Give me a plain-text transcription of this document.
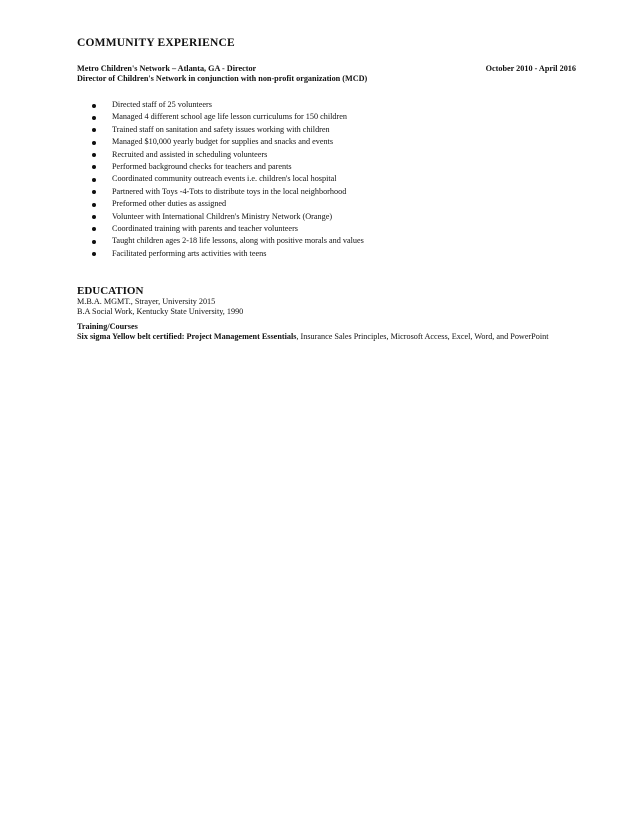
COMMUNITY EXPERIENCE
Metro Children's Network – Atlanta, GA - Director	October 2010 - April 2016
Director of Children's Network in conjunction with non-profit organization (MCD)
Directed staff of 25 volunteers
Managed 4 different school age life lesson curriculums for 150 children
Trained staff on sanitation and safety issues working with children
Managed $10,000 yearly budget for supplies and snacks and events
Recruited and assisted in scheduling volunteers
Performed background checks for teachers and parents
Coordinated community outreach events i.e. children's local hospital
Partnered with Toys -4-Tots to distribute toys in the local neighborhood
Preformed other duties as assigned
Volunteer with International Children's Ministry Network (Orange)
Coordinated training with parents and teacher volunteers
Taught children ages 2-18 life lessons, along with positive morals and values
Facilitated performing arts activities with teens
EDUCATION
M.B.A. MGMT., Strayer, University 2015
B.A Social Work, Kentucky State University, 1990
Training/Courses
Six sigma Yellow belt certified: Project Management Essentials, Insurance Sales Principles, Microsoft Access, Excel, Word, and PowerPoint
